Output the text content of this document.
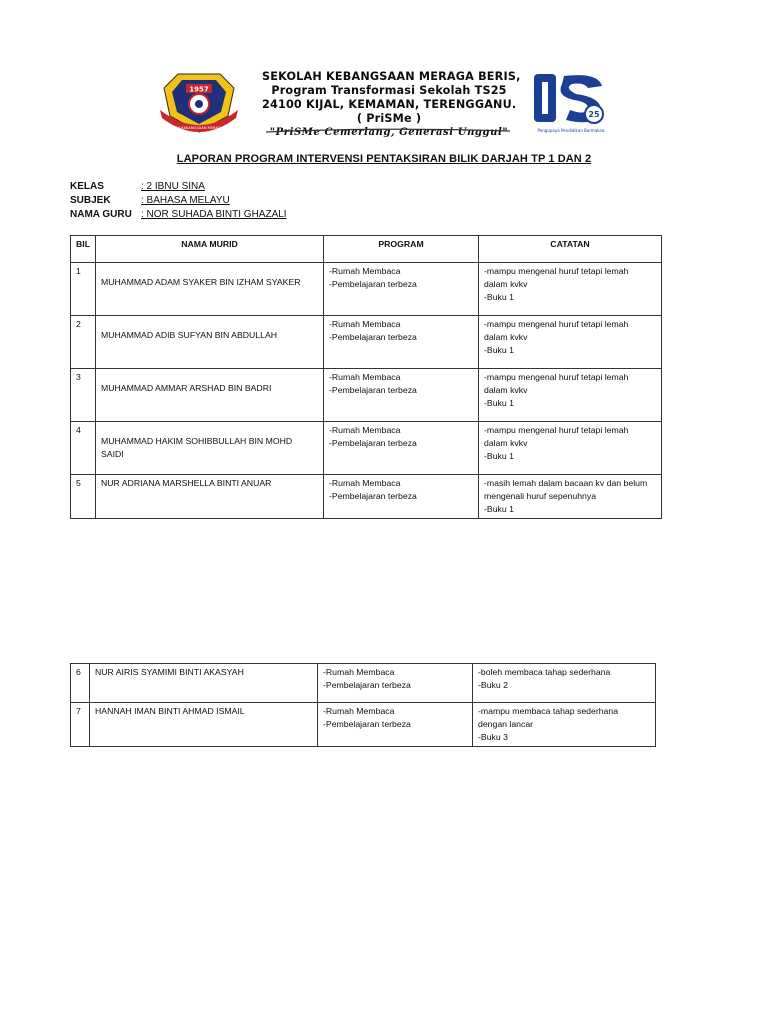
1957
SEKOLAH KEBANGSAAN MERAGA BERIS
SEKOLAH KEBANGSAAN MERAGA BERIS,
Program Transformasi Sekolah TS25
24100 KIJAL, KEMAMAN, TERENGGANU.
( PriSMe )
"PriSMe Cemerlang, Generasi Unggul"
25
Pengupaya Pendidikan Bermakna
LAPORAN PROGRAM INTERVENSI PENTAKSIRAN BILIK DARJAH TP 1 DAN 2
KELAS	: 2 IBNU SINA
SUBJEK	: BAHASA MELAYU
NAMA GURU : NOR SUHADA BINTI GHAZALI
BIL	NAMA MURID	PROGRAM	CATATAN
1	MUHAMMAD ADAM SYAKER BIN IZHAM SYAKER	-Rumah Membaca
-Pembelajaran terbeza	-mampu mengenal huruf tetapi lemah
dalam kvkv
-Buku 1

2	MUHAMMAD ADIB SUFYAN BIN ABDULLAH	-Rumah Membaca
-Pembelajaran terbeza	-mampu mengenal huruf tetapi lemah
dalam kvkv
-Buku 1

3	MUHAMMAD AMMAR ARSHAD BIN BADRI	-Rumah Membaca
-Pembelajaran terbeza	-mampu mengenal huruf tetapi lemah
dalam kvkv
-Buku 1

4	MUHAMMAD HAKIM SOHIBBULLAH BIN MOHD
SAIDI	-Rumah Membaca
-Pembelajaran terbeza	-mampu mengenal huruf tetapi lemah
dalam kvkv
-Buku 1

5	NUR ADRIANA MARSHELLA BINTI ANUAR	-Rumah Membaca
-Pembelajaran terbeza	-masih lemah dalam bacaan kv dan belum
mengenali huruf sepenuhnya
-Buku 1
6	NUR AIRIS SYAMIMI BINTI AKASYAH	-Rumah Membaca
-Pembelajaran terbeza	-boleh membaca tahap sederhana
-Buku 2

7	HANNAH IMAN BINTI AHMAD ISMAIL	-Rumah Membaca
-Pembelajaran terbeza	-mampu membaca tahap sederhana
dengan lancar
-Buku 3
